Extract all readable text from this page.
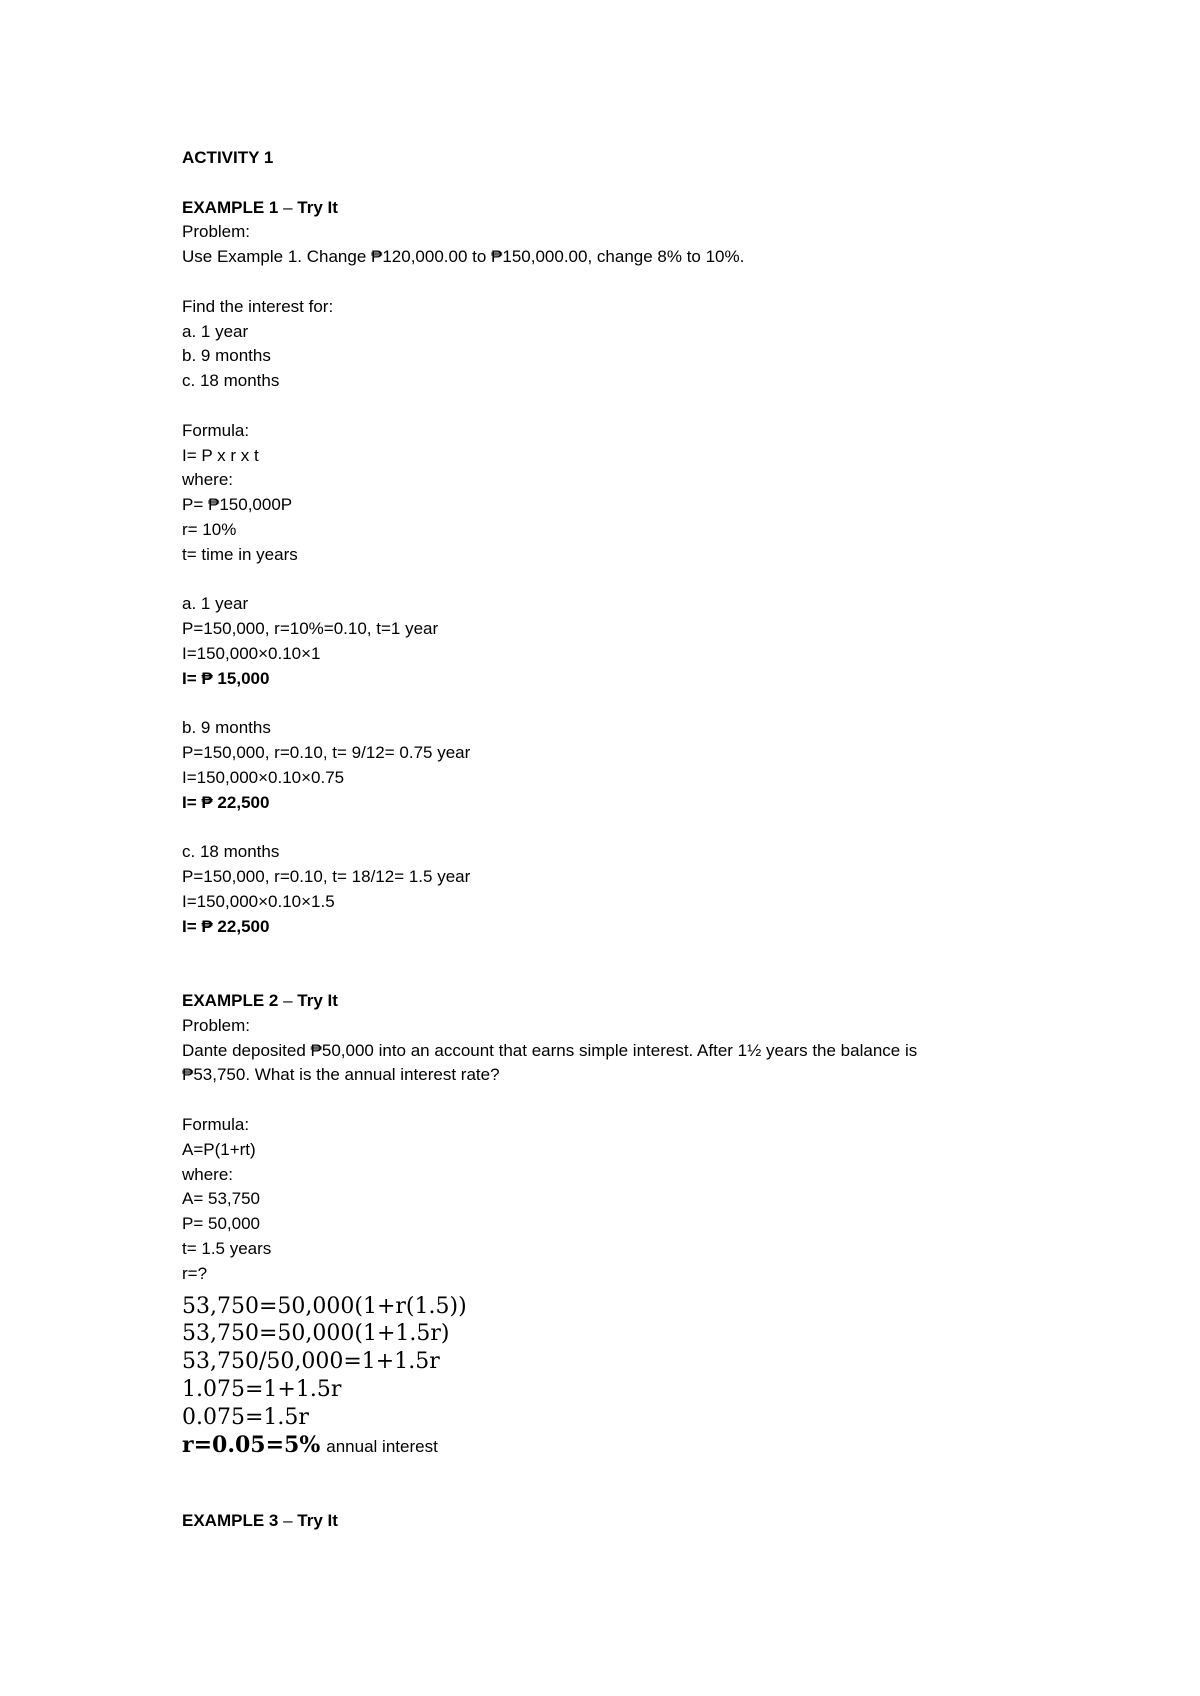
ACTIVITY 1
EXAMPLE 1 – Try It
Problem:
Use Example 1. Change ₱120,000.00 to ₱150,000.00, change 8% to 10%.
Find the interest for:
a. 1 year
b. 9 months
c. 18 months
Formula:
I= P x r x t
where:
P= ₱150,000P
r= 10%
t= time in years
a. 1 year
P=150,000, r=10%=0.10, t=1 year
I=150,000×0.10×1
I= ₱ 15,000
b. 9 months
P=150,000, r=0.10, t= 9/12= 0.75 year
I=150,000×0.10×0.75
I= ₱ 22,500
c. 18 months
P=150,000, r=0.10, t= 18/12= 1.5 year
I=150,000×0.10×1.5
I= ₱ 22,500
EXAMPLE 2 – Try It
Problem:
Dante deposited ₱50,000 into an account that earns simple interest. After 1½ years the balance is
₱53,750. What is the annual interest rate?
Formula:
A=P(1+rt)
where:
A= 53,750
P= 50,000
t= 1.5 years
r=?
53,750=50,000(1+r(1.5))
53,750=50,000(1+1.5r)
53,750/50,000=1+1.5r
1.075=1+1.5r
0.075=1.5r
r=0.05=5% annual interest
EXAMPLE 3 – Try It
